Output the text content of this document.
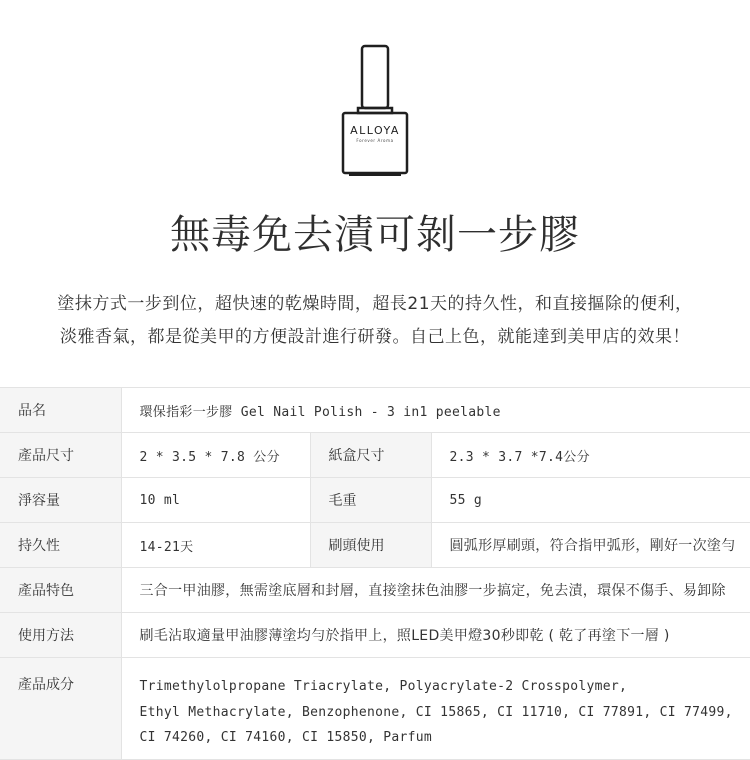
ALLOYA
Forever Aroma
無毒免去漬可剝一步膠
塗抹方式一步到位，超快速的乾燥時間，超長21天的持久性，和直接摳除的便利，
淡雅香氣，都是從美甲的方便設計進行研發。自己上色，就能達到美甲店的效果！
品名	環保指彩一步膠 Gel Nail Polish - 3 in1 peelable		
產品尺寸	2 * 3.5 * 7.8 公分	紙盒尺寸	2.3 * 3.7 *7.4公分
淨容量	10 ml	毛重	55 g
持久性	14-21天	刷頭使用	圓弧形厚刷頭，符合指甲弧形，剛好一次塗勻
產品特色	三合一甲油膠，無需塗底層和封層，直接塗抹色油膠一步搞定，免去漬，環保不傷手、易卸除		
使用方法	刷毛沾取適量甲油膠薄塗均勻於指甲上，照LED美甲燈30秒即乾 ( 乾了再塗下一層 )		
產品成分	Trimethylolpropane Triacrylate, Polyacrylate-2 Crosspolymer,
Ethyl Methacrylate, Benzophenone, CI 15865, CI 11710, CI 77891, CI 77499,
CI 74260, CI 74160, CI 15850, Parfum		
